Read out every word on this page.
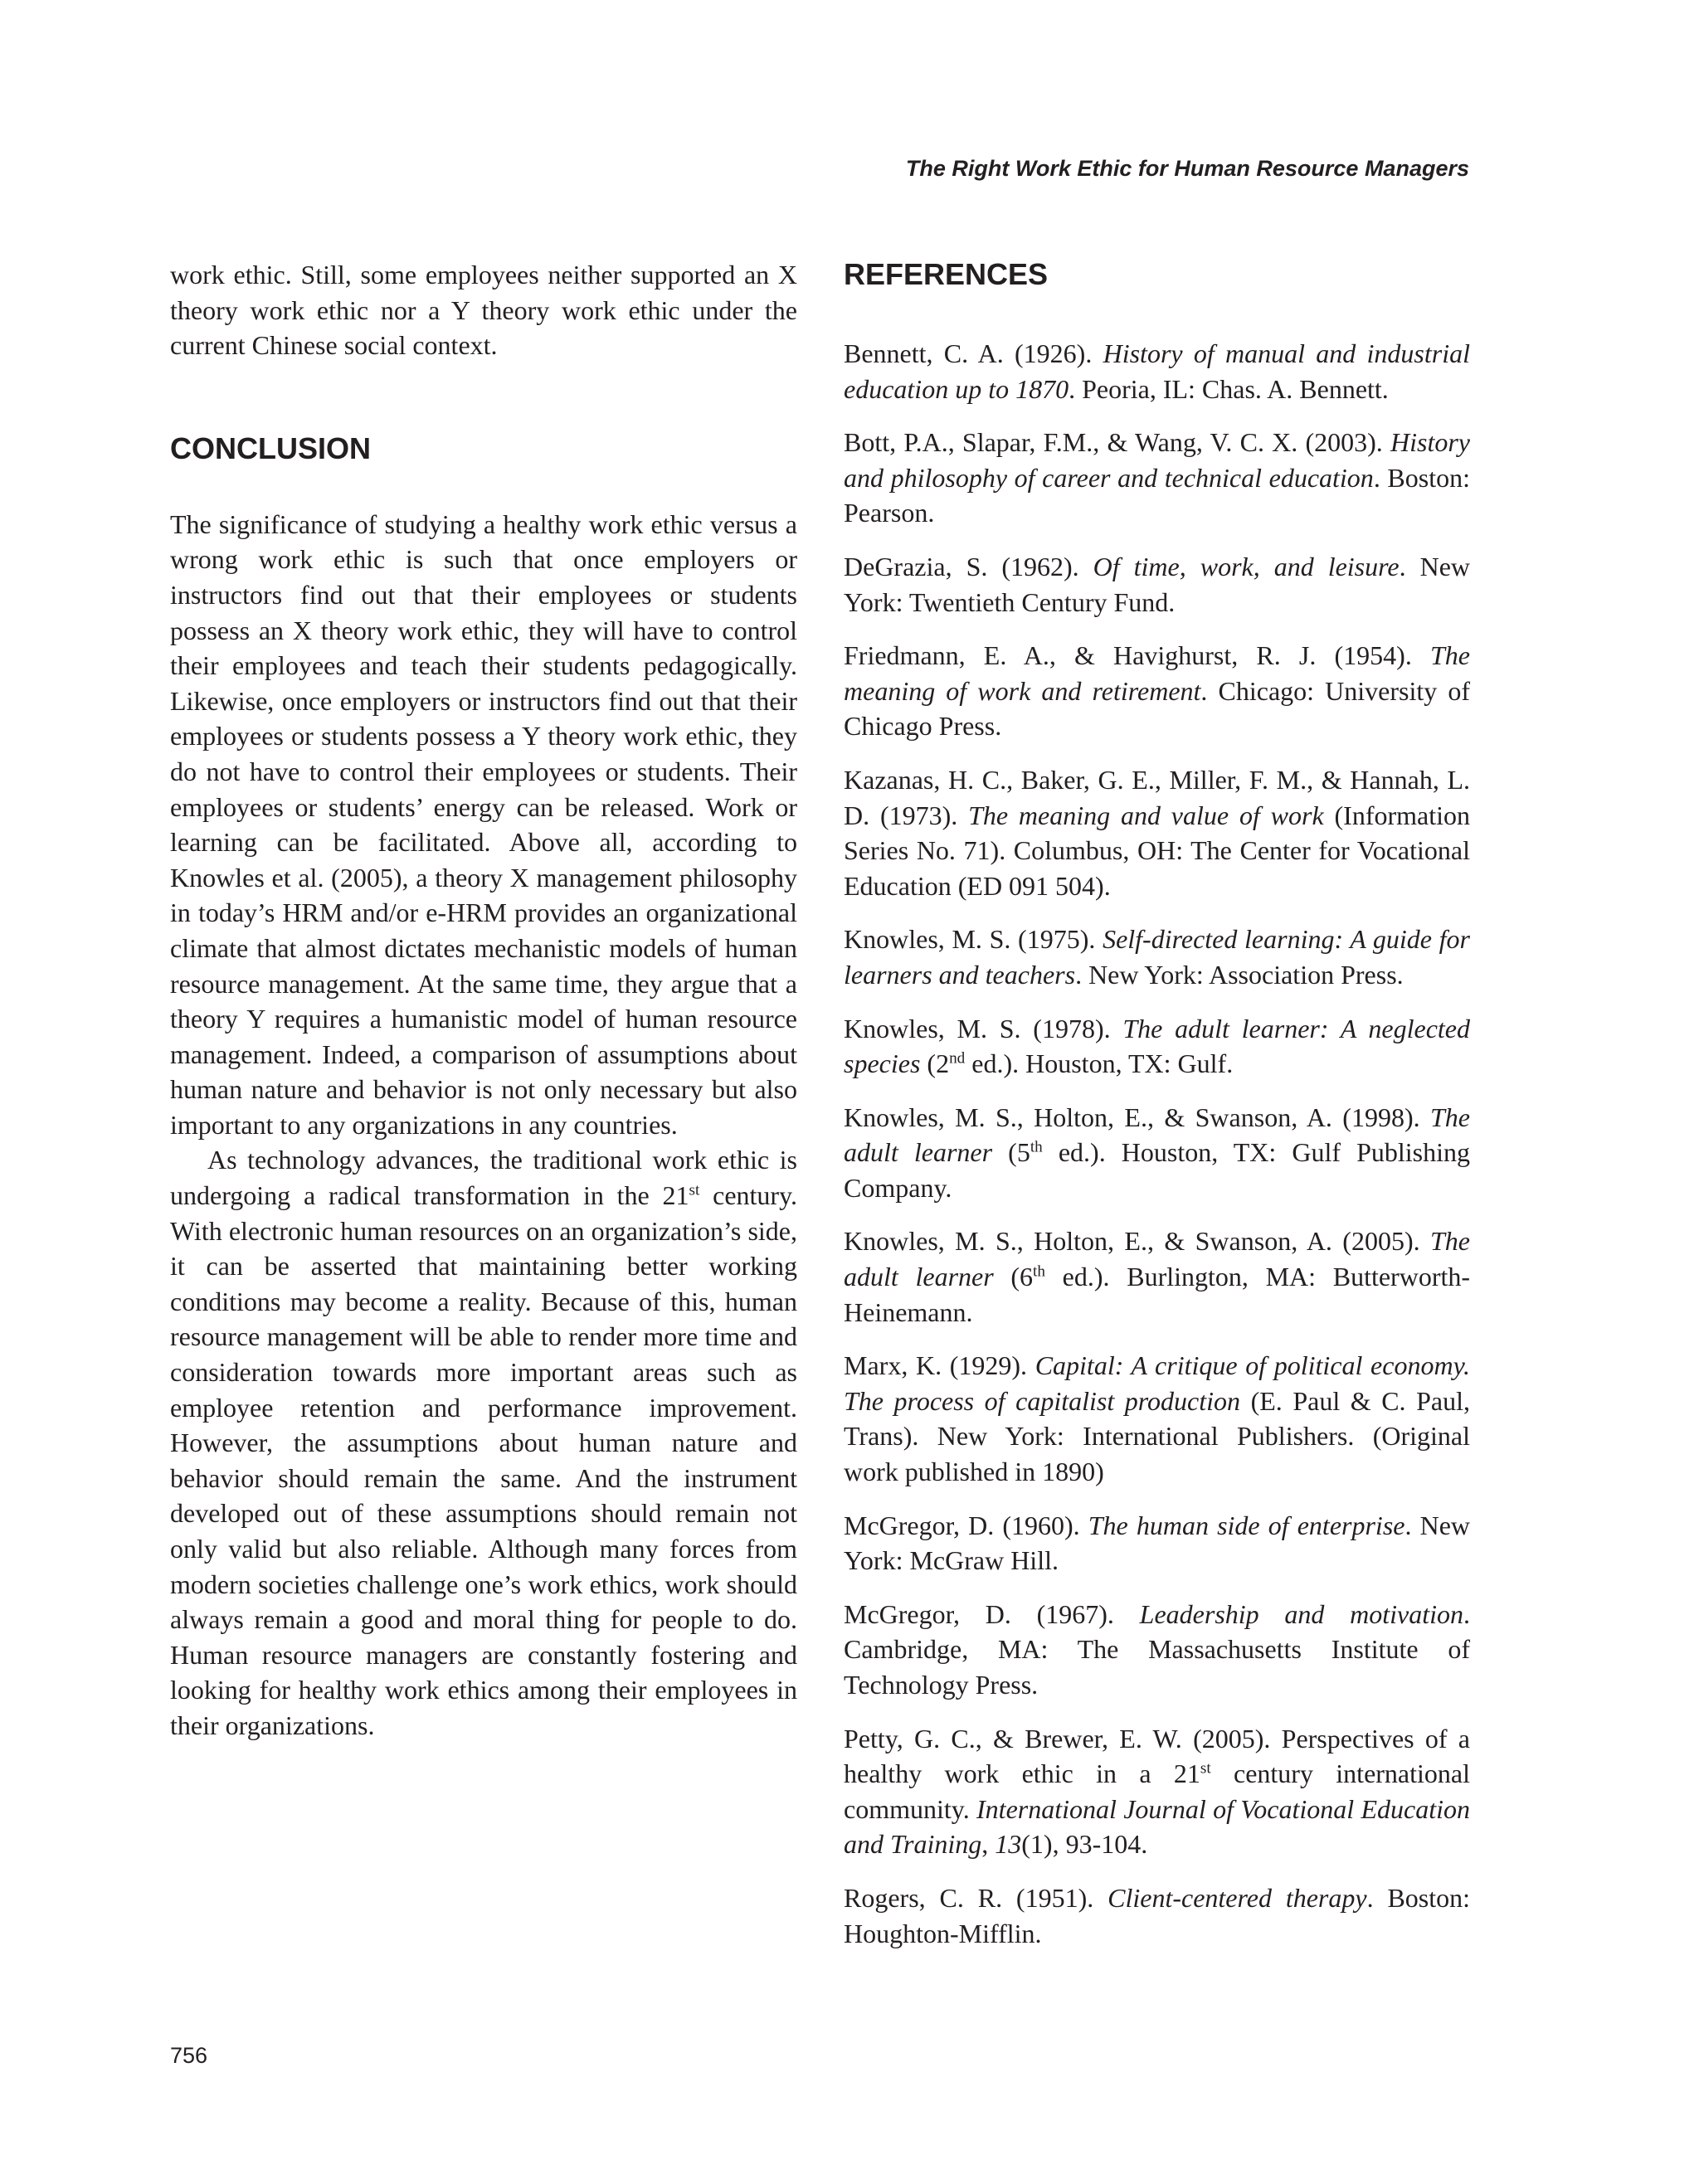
The Right Work Ethic for Human Resource Managers

work ethic. Still, some employees neither supported an X theory work ethic nor a Y theory work ethic under the current Chinese social context.

CONCLUSION

The significance of studying a healthy work ethic versus a wrong work ethic is such that once employers or instructors find out that their employees or students possess an X theory work ethic, they will have to control their employees and teach their students pedagogically. Likewise, once employers or instructors find out that their employees or students possess a Y theory work ethic, they do not have to control their employees or students. Their employees or students’ energy can be released. Work or learning can be facilitated. Above all, according to Knowles et al. (2005), a theory X management philosophy in today’s HRM and/or e-HRM provides an organizational climate that almost dictates mechanistic models of human resource management. At the same time, they argue that a theory Y requires a humanistic model of human resource management. Indeed, a comparison of assumptions about human nature and behavior is not only necessary but also important to any organizations in any countries.

As technology advances, the traditional work ethic is undergoing a radical transformation in the 21st century. With electronic human resources on an organization’s side, it can be asserted that maintaining better working conditions may become a reality. Because of this, human resource management will be able to render more time and consideration towards more important areas such as employee retention and performance improvement. However, the assumptions about human nature and behavior should remain the same. And the instrument developed out of these assumptions should remain not only valid but also reliable. Although many forces from modern societies challenge one’s work ethics, work should always remain a good and moral thing for people to do. Human resource managers are constantly fostering and looking for healthy work ethics among their employees in their organizations.

REFERENCES

Bennett, C. A. (1926). History of manual and industrial education up to 1870. Peoria, IL: Chas. A. Bennett.

Bott, P.A., Slapar, F.M., & Wang, V. C. X. (2003). History and philosophy of career and technical education. Boston: Pearson.

DeGrazia, S. (1962). Of time, work, and leisure. New York: Twentieth Century Fund.

Friedmann, E. A., & Havighurst, R. J. (1954). The meaning of work and retirement. Chicago: University of Chicago Press.

Kazanas, H. C., Baker, G. E., Miller, F. M., & Hannah, L. D. (1973). The meaning and value of work (Information Series No. 71). Columbus, OH: The Center for Vocational Education (ED 091 504).

Knowles, M. S. (1975). Self-directed learning: A guide for learners and teachers. New York: Association Press.

Knowles, M. S. (1978). The adult learner: A neglected species (2nd ed.). Houston, TX: Gulf.

Knowles, M. S., Holton, E., & Swanson, A. (1998). The adult learner (5th ed.). Houston, TX: Gulf Publishing Company.

Knowles, M. S., Holton, E., & Swanson, A. (2005). The adult learner (6th ed.). Burlington, MA: Butterworth-Heinemann.

Marx, K. (1929). Capital: A critique of political economy. The process of capitalist production (E. Paul & C. Paul, Trans). New York: International Publishers. (Original work published in 1890)

McGregor, D. (1960). The human side of enterprise. New York: McGraw Hill.

McGregor, D. (1967). Leadership and motivation. Cambridge, MA: The Massachusetts Institute of Technology Press.

Petty, G. C., & Brewer, E. W. (2005). Perspectives of a healthy work ethic in a 21st century international community. International Journal of Vocational Education and Training, 13(1), 93-104.

Rogers, C. R. (1951). Client-centered therapy. Boston: Houghton-Mifflin.

756
